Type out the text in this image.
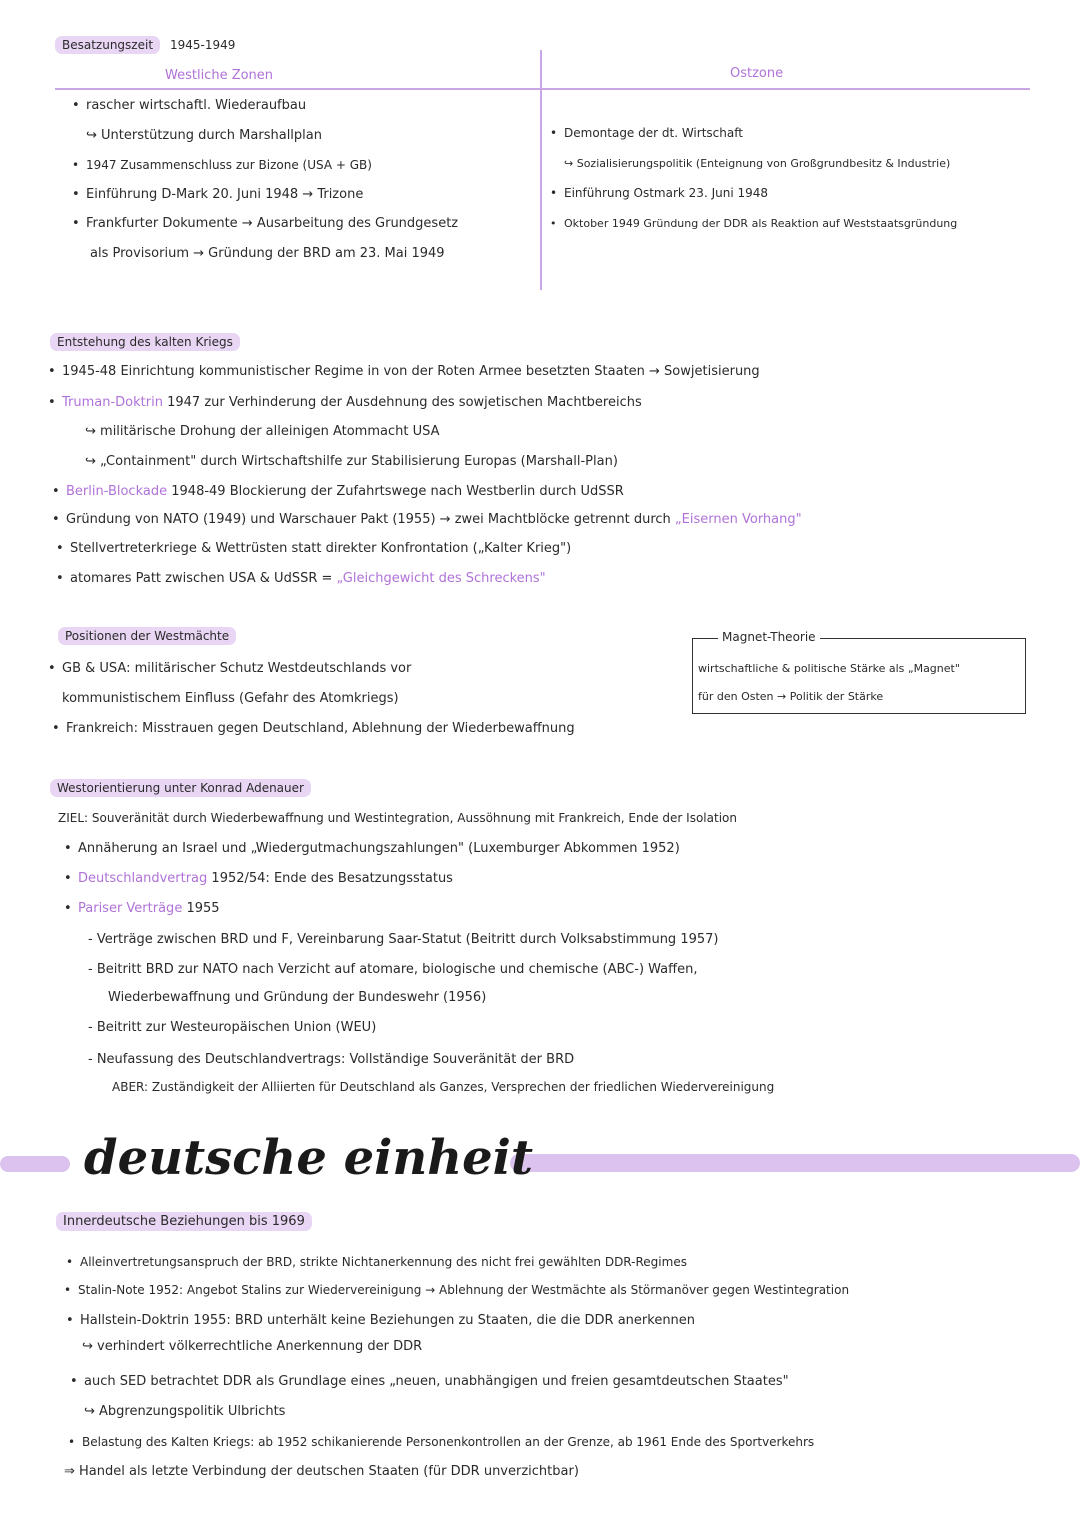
Besatzungszeit	1945-1949
Westliche Zonen	Ostzone
• rascher wirtschaftl. Wiederaufbau
↪ Unterstützung durch Marshallplan
• 1947 Zusammenschluss zur Bizone (USA + GB)
• Einführung D-Mark 20. Juni 1948 → Trizone
• Frankfurter Dokumente → Ausarbeitung des Grundgesetz
als Provisorium → Gründung der BRD am 23. Mai 1949
• Demontage der dt. Wirtschaft
↪ Sozialisierungspolitik (Enteignung von Großgrundbesitz & Industrie)
• Einführung Ostmark 23. Juni 1948
• Oktober 1949 Gründung der DDR als Reaktion auf Weststaatsgründung
Entstehung des kalten Kriegs
• 1945-48 Einrichtung kommunistischer Regime in von der Roten Armee besetzten Staaten → Sowjetisierung
• Truman-Doktrin 1947 zur Verhinderung der Ausdehnung des sowjetischen Machtbereichs
↪ militärische Drohung der alleinigen Atommacht USA
↪ „Containment" durch Wirtschaftshilfe zur Stabilisierung Europas (Marshall-Plan)
• Berlin-Blockade 1948-49 Blockierung der Zufahrtswege nach Westberlin durch UdSSR
• Gründung von NATO (1949) und Warschauer Pakt (1955) → zwei Machtblöcke getrennt durch „Eisernen Vorhang"
• Stellvertreterkriege & Wettrüsten statt direkter Konfrontation („Kalter Krieg")
• atomares Patt zwischen USA & UdSSR = „Gleichgewicht des Schreckens"
Positionen der Westmächte
• GB & USA: militärischer Schutz Westdeutschlands vor
kommunistischem Einfluss (Gefahr des Atomkriegs)
• Frankreich: Misstrauen gegen Deutschland, Ablehnung der Wiederbewaffnung
Magnet-Theorie
wirtschaftliche & politische Stärke als „Magnet"
für den Osten → Politik der Stärke
Westorientierung unter Konrad Adenauer
ZIEL: Souveränität durch Wiederbewaffnung und Westintegration, Aussöhnung mit Frankreich, Ende der Isolation
• Annäherung an Israel und „Wiedergutmachungszahlungen" (Luxemburger Abkommen 1952)
• Deutschlandvertrag 1952/54: Ende des Besatzungsstatus
• Pariser Verträge 1955
- Verträge zwischen BRD und F, Vereinbarung Saar-Statut (Beitritt durch Volksabstimmung 1957)
- Beitritt BRD zur NATO nach Verzicht auf atomare, biologische und chemische (ABC-) Waffen,
Wiederbewaffnung und Gründung der Bundeswehr (1956)
- Beitritt zur Westeuropäischen Union (WEU)
- Neufassung des Deutschlandvertrags: Vollständige Souveränität der BRD
ABER: Zuständigkeit der Alliierten für Deutschland als Ganzes, Versprechen der friedlichen Wiedervereinigung
deutsche einheit
Innerdeutsche Beziehungen bis 1969
• Alleinvertretungsanspruch der BRD, strikte Nichtanerkennung des nicht frei gewählten DDR-Regimes
• Stalin-Note 1952: Angebot Stalins zur Wiedervereinigung → Ablehnung der Westmächte als Störmanöver gegen Westintegration
• Hallstein-Doktrin 1955: BRD unterhält keine Beziehungen zu Staaten, die die DDR anerkennen
↪ verhindert völkerrechtliche Anerkennung der DDR
• auch SED betrachtet DDR als Grundlage eines „neuen, unabhängigen und freien gesamtdeutschen Staates"
↪ Abgrenzungspolitik Ulbrichts
• Belastung des Kalten Kriegs: ab 1952 schikanierende Personenkontrollen an der Grenze, ab 1961 Ende des Sportverkehrs
⇒ Handel als letzte Verbindung der deutschen Staaten (für DDR unverzichtbar)
